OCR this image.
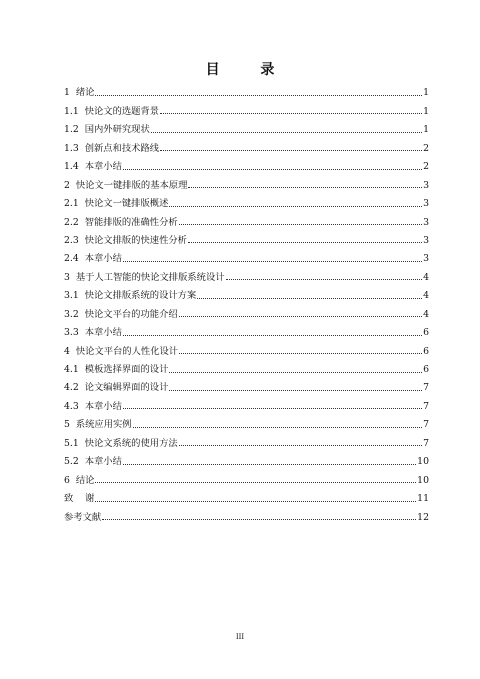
目 录
1  绪论	1
1.1  快论文的选题背景	1
1.2  国内外研究现状	1
1.3  创新点和技术路线	2
1.4  本章小结	2
2  快论文一键排版的基本原理	3
2.1  快论文一键排版概述	3
2.2  智能排版的准确性分析	3
2.3  快论文排版的快速性分析	3
2.4  本章小结	3
3  基于人工智能的快论文排版系统设计	4
3.1  快论文排版系统的设计方案	4
3.2  快论文平台的功能介绍	4
3.3  本章小结	6
4  快论文平台的人性化设计	6
4.1  模板选择界面的设计	6
4.2  论文编辑界面的设计	7
4.3  本章小结	7
5  系统应用实例	7
5.1  快论文系统的使用方法	7
5.2  本章小结	10
6  结论	10
致    谢	11
参考文献	12
III
